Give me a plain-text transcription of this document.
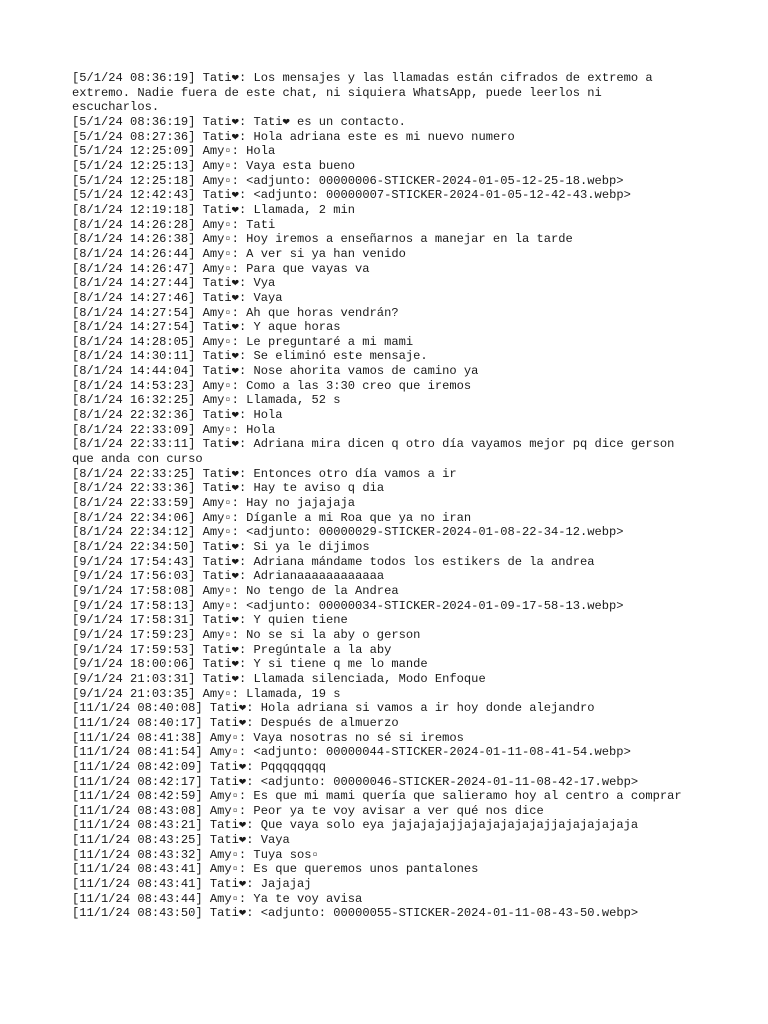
[5/1/24 08:36:19] Tati❤: Los mensajes y las llamadas están cifrados de extremo a extremo. Nadie fuera de este chat, ni siquiera WhatsApp, puede leerlos ni escucharlos.
[5/1/24 08:36:19] Tati❤: Tati❤ es un contacto.
[5/1/24 08:27:36] Tati❤: Hola adriana este es mi nuevo numero
[5/1/24 12:25:09] Amy▫: Hola
[5/1/24 12:25:13] Amy▫: Vaya esta bueno
[5/1/24 12:25:18] Amy▫: <adjunto: 00000006-STICKER-2024-01-05-12-25-18.webp>
[5/1/24 12:42:43] Tati❤: <adjunto: 00000007-STICKER-2024-01-05-12-42-43.webp>
[8/1/24 12:19:18] Tati❤: Llamada, 2 min
[8/1/24 14:26:28] Amy▫: Tati
[8/1/24 14:26:38] Amy▫: Hoy iremos a enseñarnos a manejar en la tarde
[8/1/24 14:26:44] Amy▫: A ver si ya han venido
[8/1/24 14:26:47] Amy▫: Para que vayas va
[8/1/24 14:27:44] Tati❤: Vya
[8/1/24 14:27:46] Tati❤: Vaya
[8/1/24 14:27:54] Amy▫: Ah que horas vendrán?
[8/1/24 14:27:54] Tati❤: Y aque horas
[8/1/24 14:28:05] Amy▫: Le preguntaré a mi mami
[8/1/24 14:30:11] Tati❤: Se eliminó este mensaje.
[8/1/24 14:44:04] Tati❤: Nose ahorita vamos de camino ya
[8/1/24 14:53:23] Amy▫: Como a las 3:30 creo que iremos
[8/1/24 16:32:25] Amy▫: Llamada, 52 s
[8/1/24 22:32:36] Tati❤: Hola
[8/1/24 22:33:09] Amy▫: Hola
[8/1/24 22:33:11] Tati❤: Adriana mira dicen q otro día vayamos mejor pq dice gerson que anda con curso
[8/1/24 22:33:25] Tati❤: Entonces otro día vamos a ir
[8/1/24 22:33:36] Tati❤: Hay te aviso q dia
[8/1/24 22:33:59] Amy▫: Hay no jajajaja
[8/1/24 22:34:06] Amy▫: Díganle a mi Roa que ya no iran
[8/1/24 22:34:12] Amy▫: <adjunto: 00000029-STICKER-2024-01-08-22-34-12.webp>
[8/1/24 22:34:50] Tati❤: Si ya le dijimos
[9/1/24 17:54:43] Tati❤: Adriana mándame todos los estikers de la andrea
[9/1/24 17:56:03] Tati❤: Adrianaaaaaaaaaaaa
[9/1/24 17:58:08] Amy▫: No tengo de la Andrea
[9/1/24 17:58:13] Amy▫: <adjunto: 00000034-STICKER-2024-01-09-17-58-13.webp>
[9/1/24 17:58:31] Tati❤: Y quien tiene
[9/1/24 17:59:23] Amy▫: No se si la aby o gerson
[9/1/24 17:59:53] Tati❤: Pregúntale a la aby
[9/1/24 18:00:06] Tati❤: Y si tiene q me lo mande
[9/1/24 21:03:31] Tati❤: Llamada silenciada, Modo Enfoque
[9/1/24 21:03:35] Amy▫: Llamada, 19 s
[11/1/24 08:40:08] Tati❤: Hola adriana si vamos a ir hoy donde alejandro
[11/1/24 08:40:17] Tati❤: Después de almuerzo
[11/1/24 08:41:38] Amy▫: Vaya nosotras no sé si iremos
[11/1/24 08:41:54] Amy▫: <adjunto: 00000044-STICKER-2024-01-11-08-41-54.webp>
[11/1/24 08:42:09] Tati❤: Pqqqqqqqq
[11/1/24 08:42:17] Tati❤: <adjunto: 00000046-STICKER-2024-01-11-08-42-17.webp>
[11/1/24 08:42:59] Amy▫: Es que mi mami quería que salieramo hoy al centro a comprar
[11/1/24 08:43:08] Amy▫: Peor ya te voy avisar a ver qué nos dice
[11/1/24 08:43:21] Tati❤: Que vaya solo eya jajajajajjajajajajajajjajajajajaja
[11/1/24 08:43:25] Tati❤: Vaya
[11/1/24 08:43:32] Amy▫: Tuya sos▫
[11/1/24 08:43:41] Amy▫: Es que queremos unos pantalones
[11/1/24 08:43:41] Tati❤: Jajajaj
[11/1/24 08:43:44] Amy▫: Ya te voy avisa
[11/1/24 08:43:50] Tati❤: <adjunto: 00000055-STICKER-2024-01-11-08-43-50.webp>
